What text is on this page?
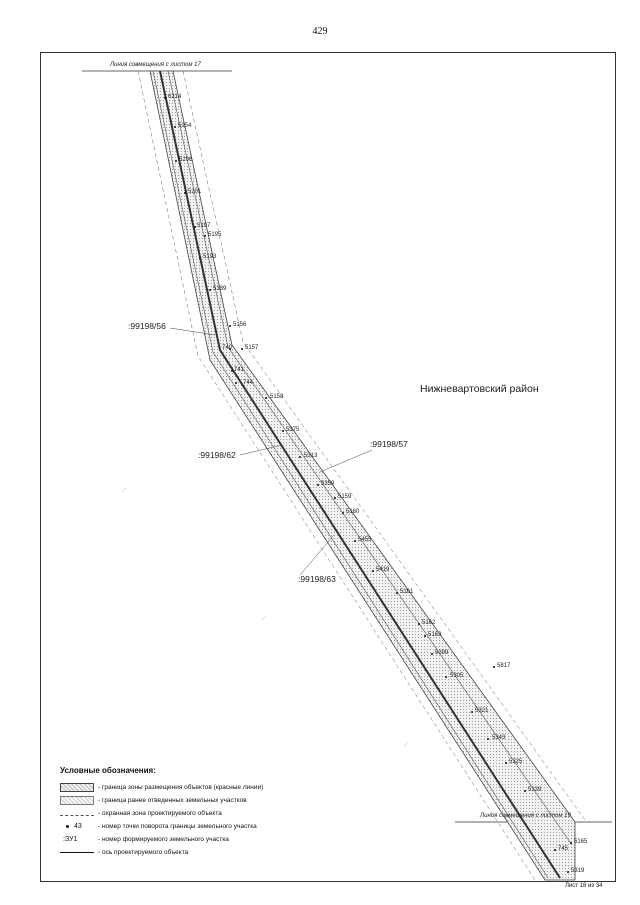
429
Линия совмещения с листом 17
Линия совмещения с листом 19
Нижневартовский район
:99198/56
:99198/57
:99198/62
:99198/63
6214
5154
5206
5201
5197
5195
5193
5189
5156
5157
740
741
744
5158
5375
5313
5359
5159
5160
5455
5419
5161
5162
5163
5399
5817
5305
5321
5343
5325
5339
5165
5319
745
Условные обозначения:
- граница зоны размещения объектов (красные линии)
- граница ранее отведенных земельных участков
- охранная зона проектируемого объекта
43 - номер точки поворота границы земельного участка
:ЗУ1	- номер формируемого земельного участка
- ось проектируемого объекта
Лист 18 из 34
